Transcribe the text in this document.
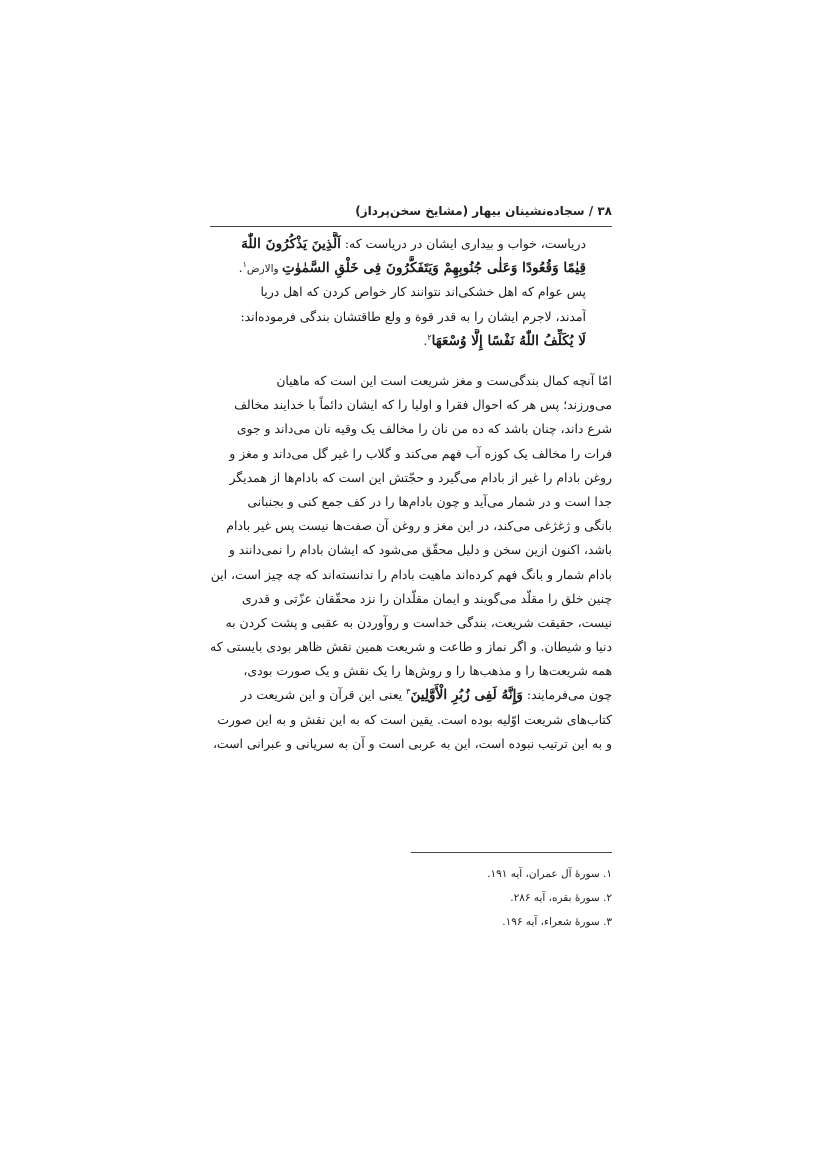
۳۸ / سجاده‌نشینان بیهار (مشایخ سخن‌پرداز)
دریاست، خواب و بیداری ایشان در دریاست که: اَلَّذِینَ یَذْکُرُونَ اللّٰهَ
قِیٰمًا وَقُعُودًا وَعَلٰی جُنُوبِهِمْ وَیَتَفَکَّرُونَ فِی خَلْقِ السَّمٰوٰتِ والارض$^۱$.
پس عوام که اهل خشکی‌اند نتوانند کار خواص کردن که اهل دریا
آمدند، لاجرم ایشان را به قدر قوة و ولع طاقتشان بندگی فرموده‌اند:
لَا یُکَلِّفُ اللّٰهُ نَفْسًا إِلَّا وُسْعَهَا$^۲$.
امّا آنچه کمال بندگی‌ست و مغز شریعت است این است که ماهیان
می‌ورزند؛ پس هر که احوال فقرا و اولیا را که ایشان دائماً با خدایند مخالف
شرع داند، چنان باشد که ده من نان را مخالف یک وقیه نان می‌داند و جوی
فرات را مخالف یک کوزه آب فهم می‌کند و گلاب را غیر گل می‌داند و مغز و
روغن بادام را غیر از بادام می‌گیرد و حجّتش این است که بادام‌ها از همدیگر
جدا است و در شمار می‌آید و چون بادام‌ها را در کف جمع کنی و بجنبانی
بانگی و ژغژغی می‌کند، در این مغز و روغن آن صفت‌ها نیست پس غیر بادام
باشد، اکنون ازین سخن و دلیل محقّق می‌شود که ایشان بادام را نمی‌دانند و
بادام شمار و بانگ فهم کرده‌اند ماهیت بادام را ندانسته‌اند که چه چیز است، این
چنین خلق را مقلّد می‌گویند و ایمان مقلّدان را نزد محقّقان عزّتی و قدری
نیست، حقیقت شریعت، بندگی خداست و روآوردن به عقبی و پشت کردن به
دنیا و شیطان. و اگر نماز و طاعت و شریعت همین نقش ظاهر بودی بایستی که
همه شریعت‌ها را و مذهب‌ها را و روش‌ها را یک نقش و یک صورت بودی،
چون می‌فرمایند: وَإِنَّهُ لَفِی زُبُرِ الْأَوَّلِینَ$^۳$ یعنی این قرآن و این شریعت در
کتاب‌های شریعت اوّلیه بوده است. یقین است که به این نقش و به این صورت
و به این ترتیب نبوده است، این به عربی است و آن به سریانی و عبرانی است،
۱. سورهٔ آل عمران، آیه ۱۹۱.
۲. سورهٔ بقره، آیه ۲۸۶.
۳. سورهٔ شعراء، آیه ۱۹۶.
